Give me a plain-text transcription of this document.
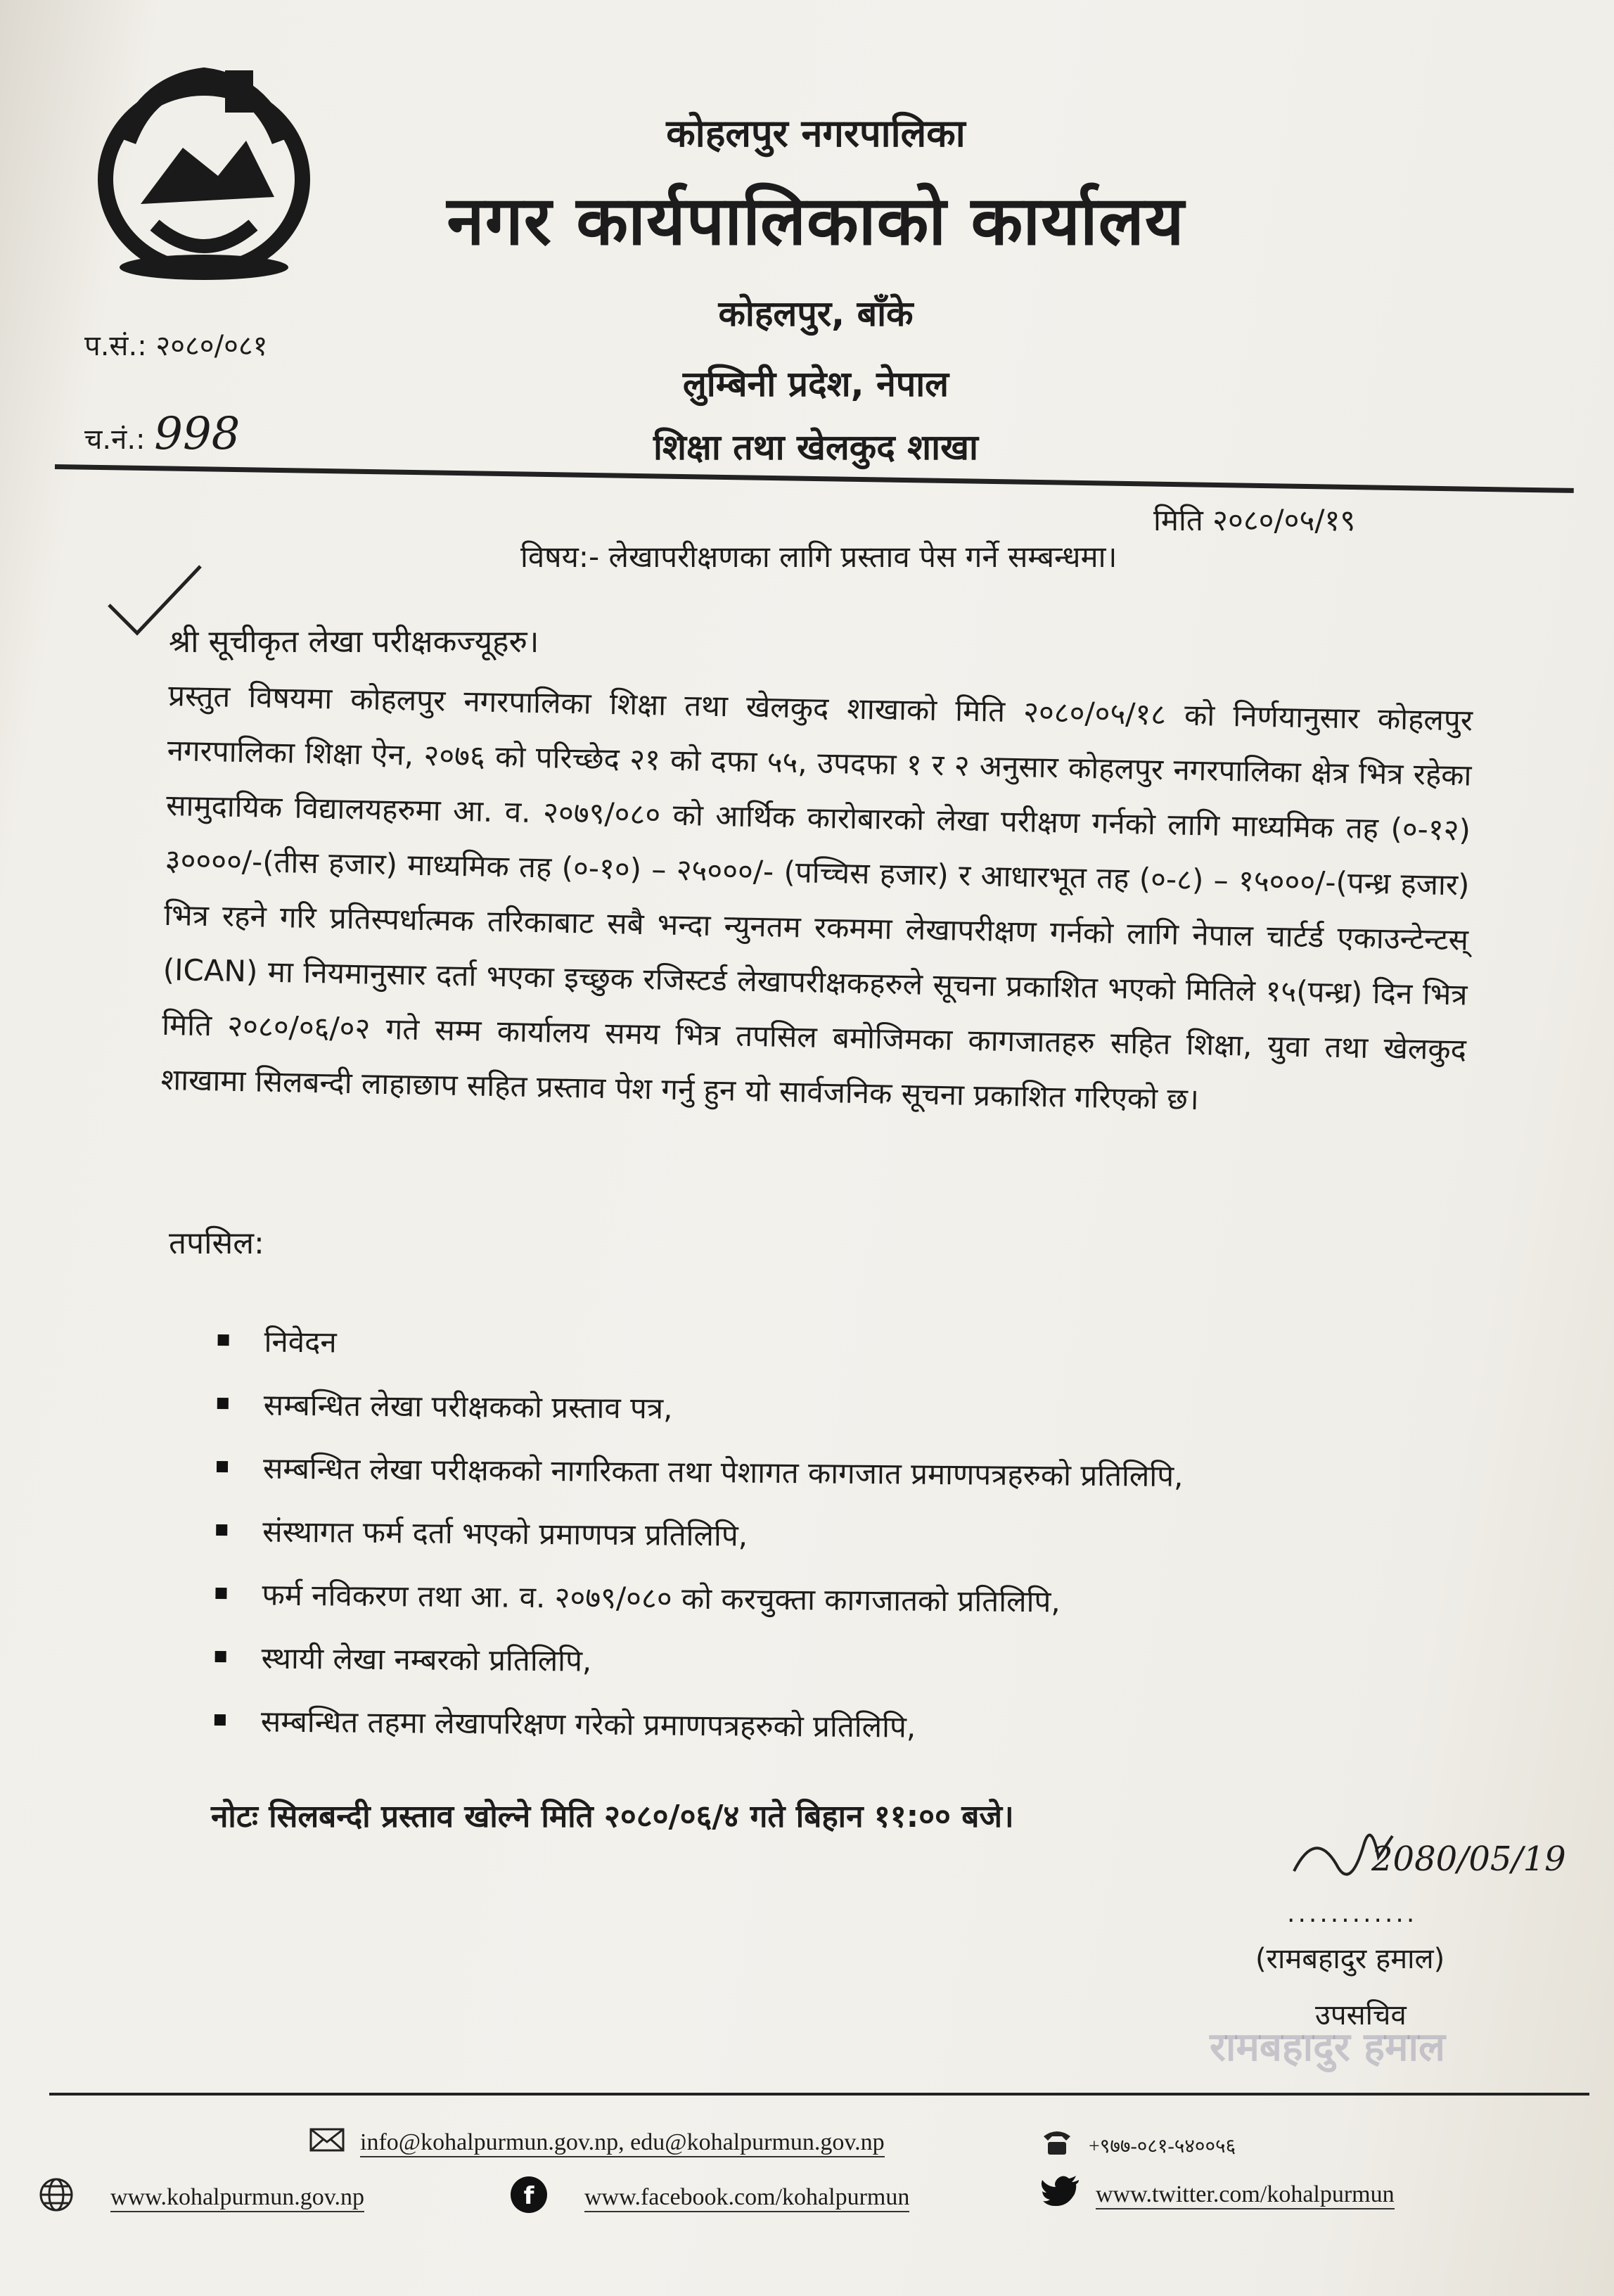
कोहलपुर नगरपालिका
नगर कार्यपालिकाको कार्यालय
कोहलपुर, बाँके
लुम्बिनी प्रदेश, नेपाल
शिक्षा तथा खेलकुद शाखा
प.सं.: २०८०/०८१
च.नं.: 998
मिति २०८०/०५/१९
विषय:- लेखापरीक्षणका लागि प्रस्ताव पेस गर्ने सम्बन्धमा।
श्री सूचीकृत लेखा परीक्षकज्यूहरु।
प्रस्तुत विषयमा कोहलपुर नगरपालिका शिक्षा तथा खेलकुद शाखाको मिति २०८०/०५/१८ को निर्णयानुसार कोहलपुर नगरपालिका शिक्षा ऐन, २०७६ को परिच्छेद २१ को दफा ५५, उपदफा १ र २ अनुसार कोहलपुर नगरपालिका क्षेत्र भित्र रहेका सामुदायिक विद्यालयहरुमा आ. व. २०७९/०८० को आर्थिक कारोबारको लेखा परीक्षण गर्नको लागि माध्यमिक तह (०-१२) ३००००/-(तीस हजार) माध्यमिक तह (०-१०) – २५०००/- (पच्चिस हजार) र आधारभूत तह (०-८) – १५०००/-(पन्ध्र हजार) भित्र रहने गरि प्रतिस्पर्धात्मक तरिकाबाट सबै भन्दा न्युनतम रकममा लेखापरीक्षण गर्नको लागि नेपाल चार्टर्ड एकाउन्टेन्टस् (ICAN) मा नियमानुसार दर्ता भएका इच्छुक रजिस्टर्ड लेखापरीक्षकहरुले सूचना प्रकाशित भएको मितिले १५(पन्ध्र) दिन भित्र मिति २०८०/०६/०२ गते सम्म कार्यालय समय भित्र तपसिल बमोजिमका कागजातहरु सहित शिक्षा, युवा तथा खेलकुद शाखामा सिलबन्दी लाहाछाप सहित प्रस्ताव पेश गर्नु हुन यो सार्वजनिक सूचना प्रकाशित गरिएको छ।
तपसिल:
निवेदन
सम्बन्धित लेखा परीक्षकको प्रस्ताव पत्र,
सम्बन्धित लेखा परीक्षकको नागरिकता तथा पेशागत कागजात प्रमाणपत्रहरुको प्रतिलिपि,
संस्थागत फर्म दर्ता भएको प्रमाणपत्र प्रतिलिपि,
फर्म नविकरण तथा आ. व. २०७९/०८० को करचुक्ता कागजातको प्रतिलिपि,
स्थायी लेखा नम्बरको प्रतिलिपि,
सम्बन्धित तहमा लेखापरिक्षण गरेको प्रमाणपत्रहरुको प्रतिलिपि,
नोटः सिलबन्दी प्रस्ताव खोल्ने मिति २०८०/०६/४ गते बिहान ११:०० बजे।
2080/05/19
............
(रामबहादुर हमाल)
उपसचिव
रामबहादुर हमाल
info@kohalpurmun.gov.np, edu@kohalpurmun.gov.np	+९७७-०८१-५४००५६
www.kohalpurmun.gov.np	f www.facebook.com/kohalpurmun	www.twitter.com/kohalpurmun
